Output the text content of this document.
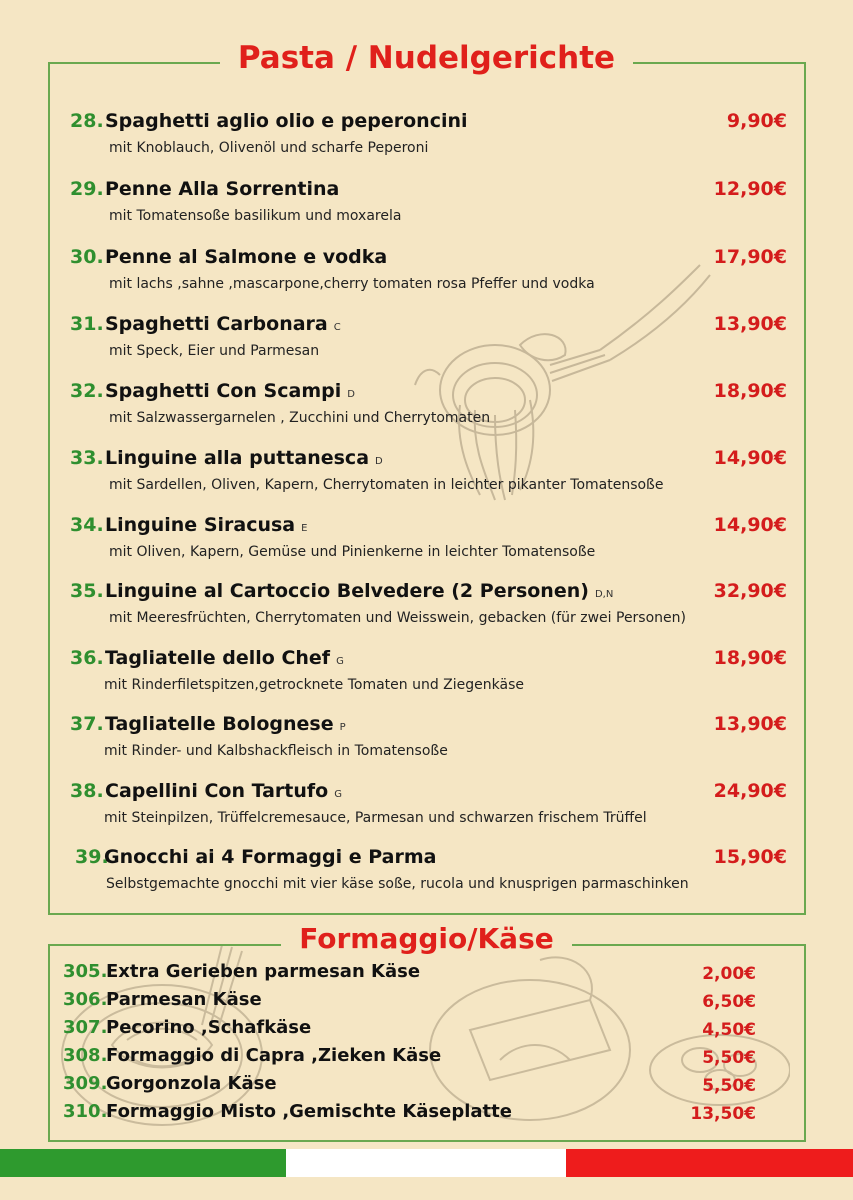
Pasta / Nudelgerichte
28. Spaghetti aglio olio e peperoncini
mit Knoblauch, Olivenöl und scharfe Peperoni
9,90€
29. Penne Alla Sorrentina
mit Tomatensoße basilikum und moxarela
12,90€
30. Penne al Salmone e vodka
mit lachs ,sahne ,mascarpone,cherry tomaten rosa Pfeffer und vodka
17,90€
31. Spaghetti Carbonara C
mit Speck, Eier und Parmesan
13,90€
32. Spaghetti Con Scampi D
mit Salzwassergarnelen , Zucchini und Cherrytomaten
18,90€
33. Linguine alla puttanesca D
mit Sardellen, Oliven, Kapern, Cherrytomaten in leichter pikanter Tomatensoße
14,90€
34. Linguine Siracusa E
mit Oliven, Kapern, Gemüse und Pinienkerne in leichter Tomatensoße
14,90€
35. Linguine al Cartoccio Belvedere (2 Personen) D,N
mit Meeresfrüchten, Cherrytomaten und Weisswein, gebacken (für zwei Personen)
32,90€
36. Tagliatelle dello Chef G
mit Rinderfiletspitzen,getrocknete Tomaten und Ziegenkäse
18,90€
37. Tagliatelle Bolognese P
mit Rinder- und Kalbshackfleisch in Tomatensoße
13,90€
38. Capellini Con Tartufo G
mit Steinpilzen, Trüffelcremesauce, Parmesan und schwarzen frischem Trüffel
24,90€
39.
Gnocchi ai 4 Formaggi e Parma
Selbstgemachte gnocchi mit vier käse soße, rucola und knusprigen parmaschinken
15,90€
Formaggio/Käse
305.
Extra Gerieben parmesan Käse	2,00€
306.
Parmesan Käse	6,50€
307.
Pecorino ,Schafkäse	4,50€
308.
Formaggio di Capra ,Zieken Käse	5,50€
309.
Gorgonzola Käse	5,50€
310.
Formaggio Misto ,Gemischte Käseplatte	13,50€
